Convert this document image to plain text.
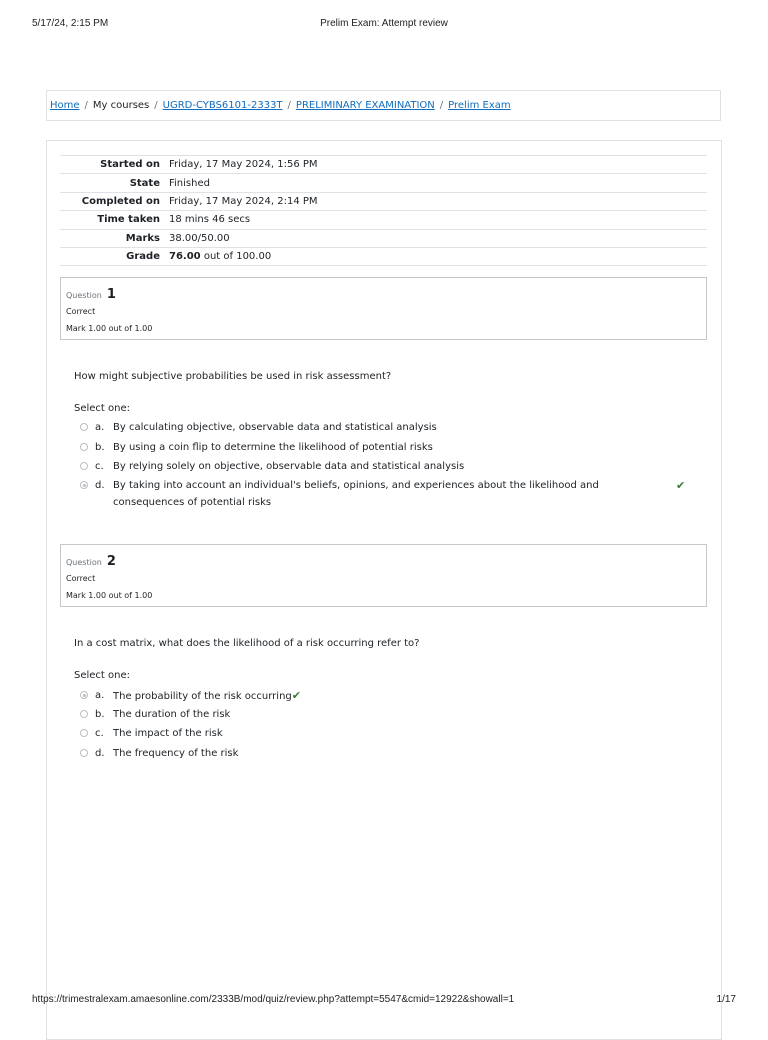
5/17/24, 2:15 PM	Prelim Exam: Attempt review
Home / My courses / UGRD-CYBS6101-2333T / PRELIMINARY EXAMINATION / Prelim Exam
Started on	Friday, 17 May 2024, 1:56 PM
State	Finished
Completed on	Friday, 17 May 2024, 2:14 PM
Time taken	18 mins 46 secs
Marks	38.00/50.00
Grade	76.00 out of 100.00
Question 1
Correct
Mark 1.00 out of 1.00
How might subjective probabilities be used in risk assessment?
Select one:
a. By calculating objective, observable data and statistical analysis
b. By using a coin flip to determine the likelihood of potential risks
c. By relying solely on objective, observable data and statistical analysis
d. By taking into account an individual's beliefs, opinions, and experiences about the likelihood and consequences of potential risks
✔
Question 2
Correct
Mark 1.00 out of 1.00
In a cost matrix, what does the likelihood of a risk occurring refer to?
Select one:
a. The probability of the risk occurring✔
b. The duration of the risk
c. The impact of the risk
d. The frequency of the risk
https://trimestralexam.amaesonline.com/2333B/mod/quiz/review.php?attempt=5547&cmid=12922&showall=1	1/17
